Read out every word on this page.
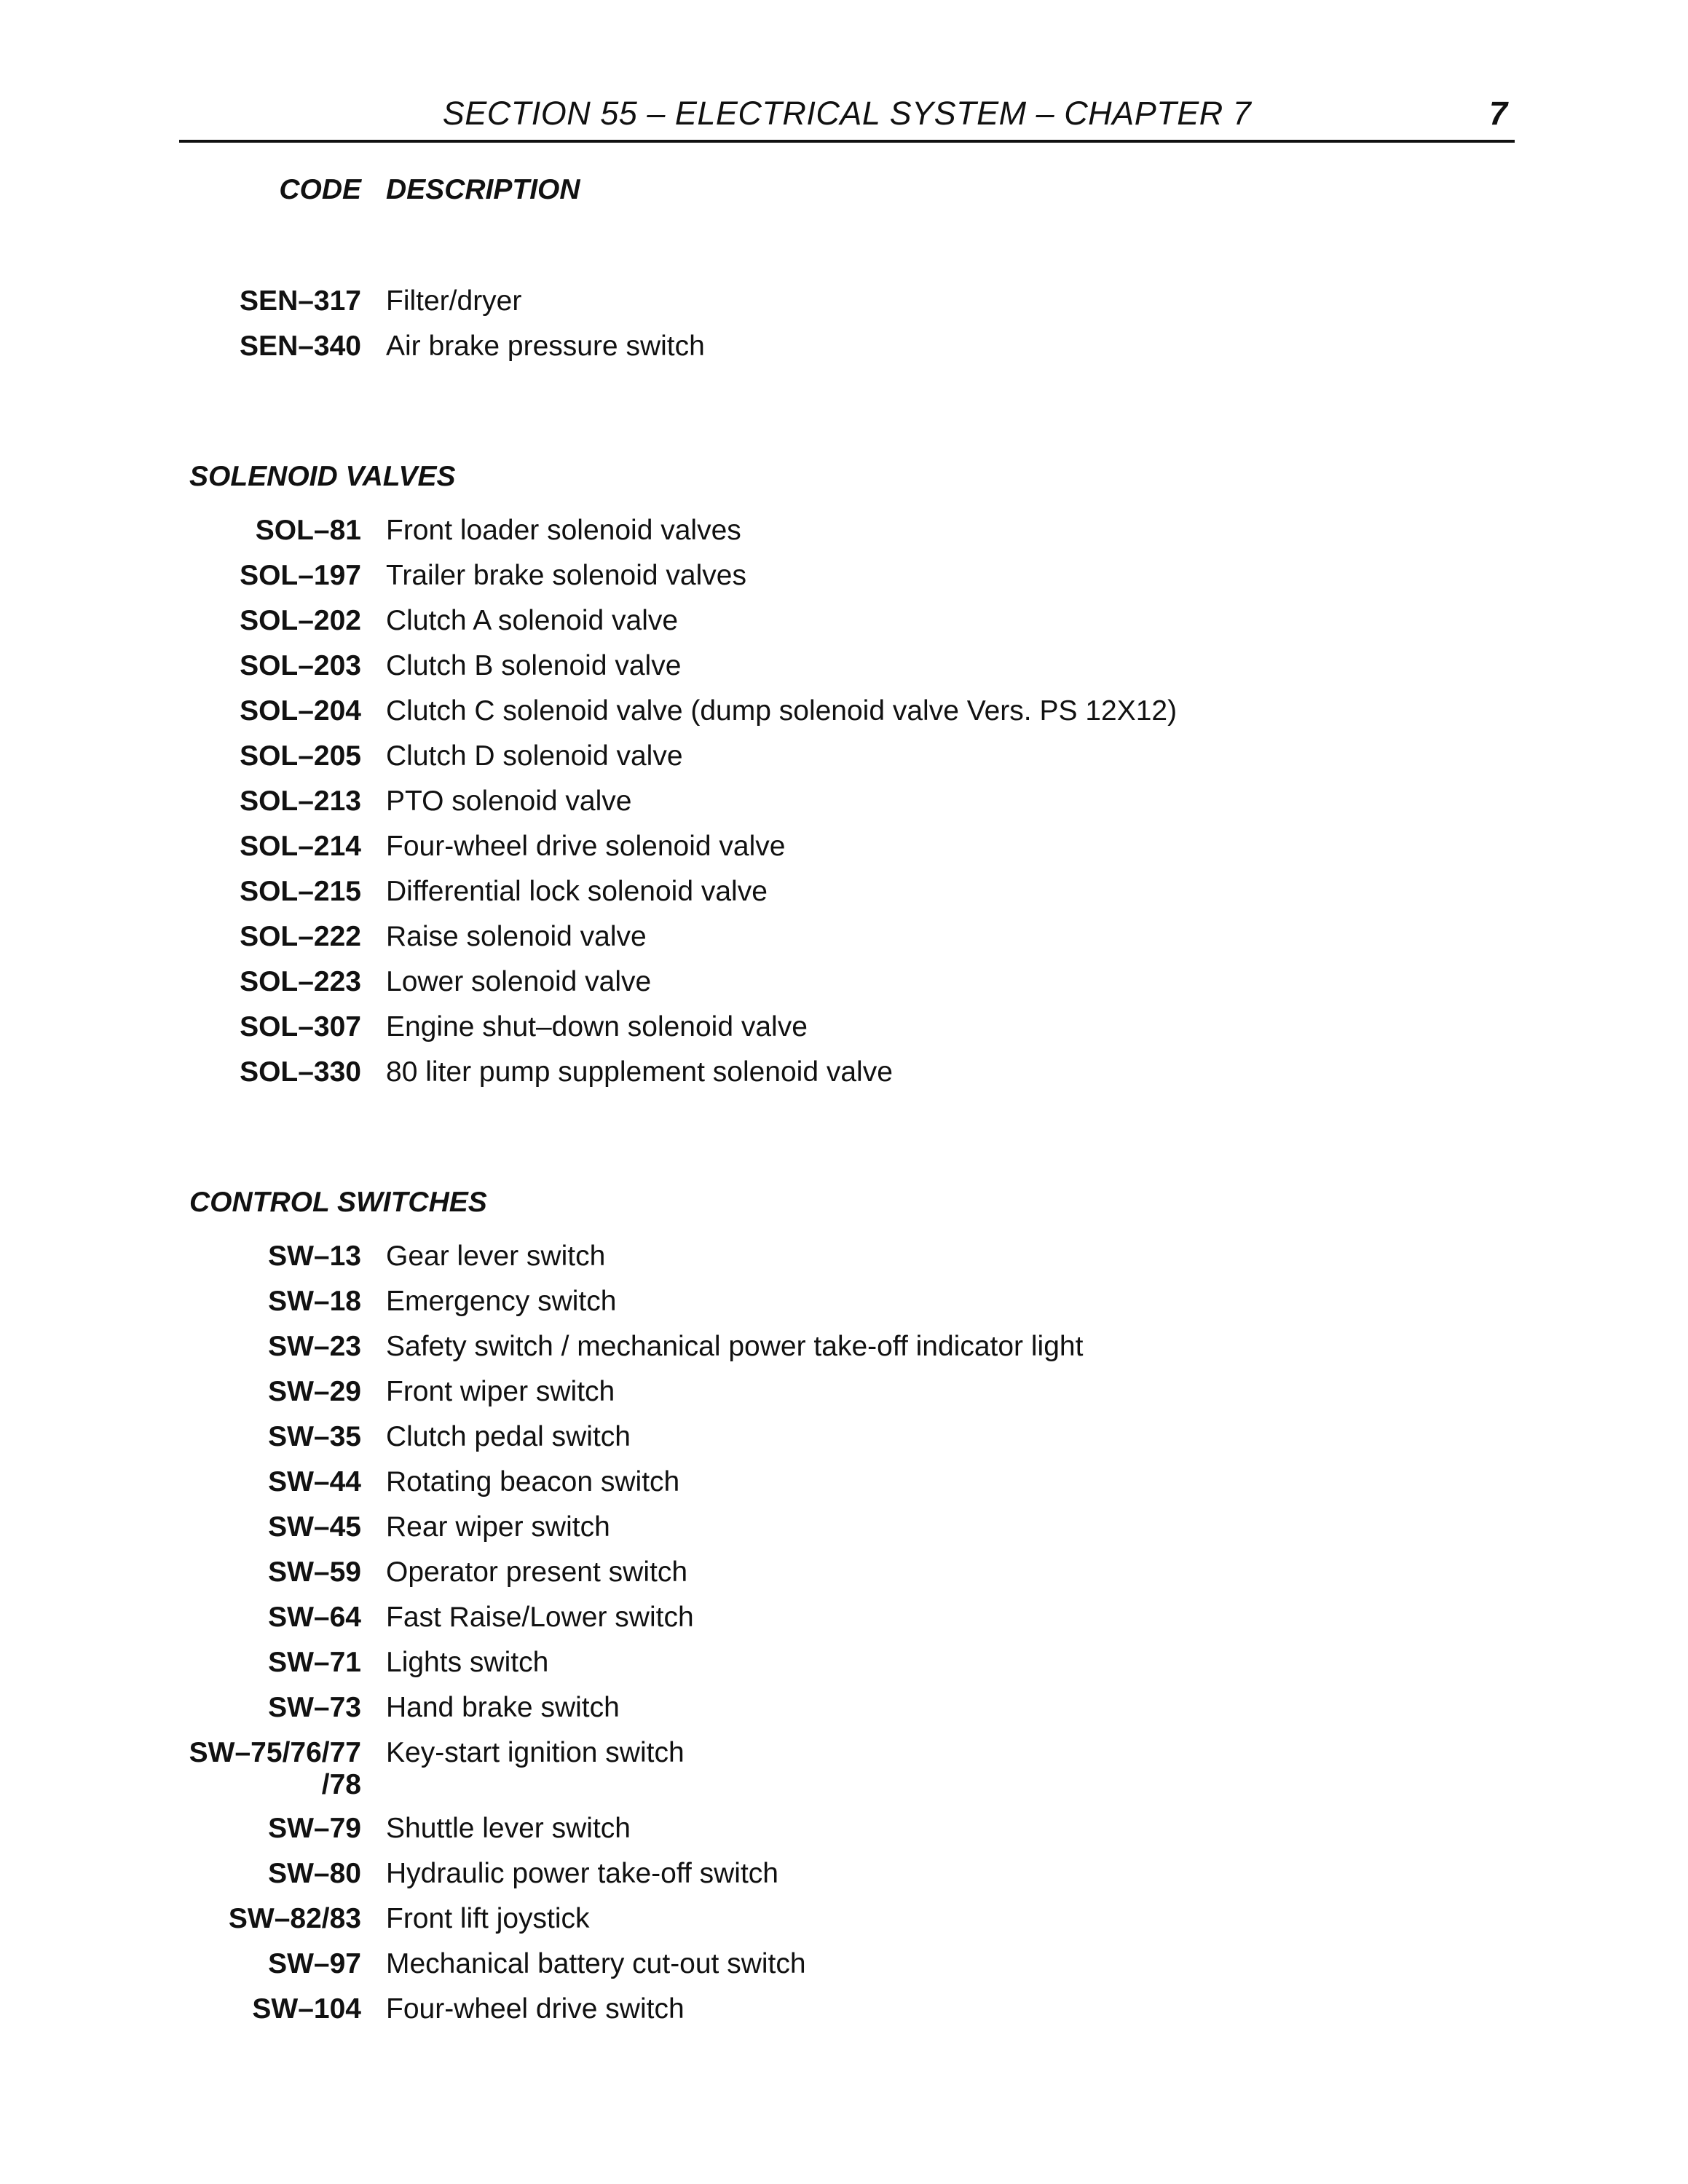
SECTION 55 – ELECTRICAL SYSTEM – CHAPTER 7	7
CODE DESCRIPTION
SEN–317 Filter/dryer
SEN–340 Air brake pressure switch
SOLENOID VALVES
SOL–81 Front loader solenoid valves
SOL–197 Trailer brake solenoid valves
SOL–202 Clutch A solenoid valve
SOL–203 Clutch B solenoid valve
SOL–204 Clutch C solenoid valve (dump solenoid valve Vers. PS 12X12)
SOL–205 Clutch D solenoid valve
SOL–213 PTO solenoid valve
SOL–214 Four-wheel drive solenoid valve
SOL–215 Differential lock solenoid valve
SOL–222 Raise solenoid valve
SOL–223 Lower solenoid valve
SOL–307 Engine shut–down solenoid valve
SOL–330 80 liter pump supplement solenoid valve
CONTROL SWITCHES
SW–13 Gear lever switch
SW–18 Emergency switch
SW–23 Safety switch / mechanical power take-off indicator light
SW–29 Front wiper switch
SW–35 Clutch pedal switch
SW–44 Rotating beacon switch
SW–45 Rear wiper switch
SW–59 Operator present switch
SW–64 Fast Raise/Lower switch
SW–71 Lights switch
SW–73 Hand brake switch
SW–75/76/77
/78
Key-start ignition switch
SW–79 Shuttle lever switch
SW–80 Hydraulic power take-off switch
SW–82/83 Front lift joystick
SW–97 Mechanical battery cut-out switch
SW–104 Four-wheel drive switch
